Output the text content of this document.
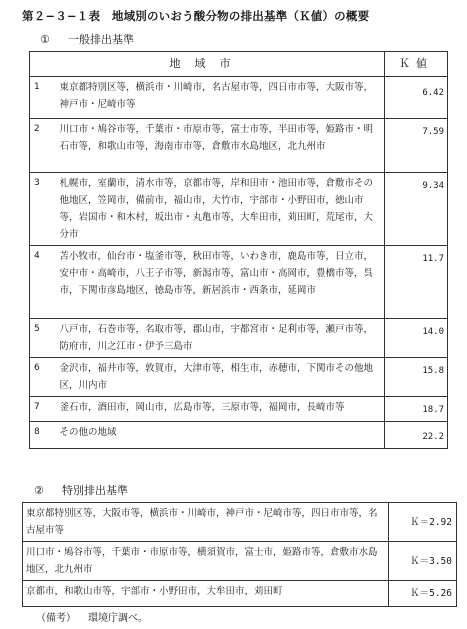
第２−３−１表　地域別のいおう酸分物の排出基準（Ｋ値）の概要
① 一般排出基準
地域市		Ｋ値
1	東京都特別区等，横浜市・川崎市，名古屋市等，四日市市等，大阪市等，神戸市・尼崎市等	6.42
2	川口市・鳩谷市等，千葉市・市原市等，富士市等，半田市等，姫路市・明石市等，和歌山市等，海南市市等，倉敷市水島地区，北九州市	7.59
3	札幌市，室蘭市，清水市等，京都市等，岸和田市・池田市等，倉敷市その他地区，笠岡市，備前市，福山市，大竹市，宇部市・小野田市，徳山市等，岩国市・和木村，坂出市・丸亀市等，大牟田市，苅田町，荒尾市，大分市	9.34
4	苫小牧市，仙台市・塩釜市等，秋田市等，いわき市，鹿島市等，日立市，安中市・高崎市，八王子市等，新潟市等，富山市・高岡市，豊橋市等，呉市，下関市彦島地区，徳島市等，新居浜市・西条市，延岡市	11.7
5	八戸市，石巻市等，名取市等，郡山市，宇都宮市・足利市等，瀬戸市等，防府市，川之江市・伊予三島市	14.0
6	金沢市，福井市等，敦賀市，大津市等，相生市，赤穂市，下関市その他地区，川内市	15.8
7	釜石市，酒田市，岡山市，広島市等，三原市等，福岡市，長崎市等	18.7
8	その他の地域	22.2
② 特別排出基準
東京都特別区等，大阪市等，横浜市・川崎市，神戸市・尼崎市等，四日市市等，名古屋市等	Ｋ＝2.92
川口市・鳩谷市等，千葉市・市原市等，横須賀市，富士市，姫路市等，倉敷市水島地区，北九州市	Ｋ＝3.50
京都市，和歌山市等，宇部市・小野田市，大牟田市，苅田町	Ｋ＝5.26
（備考） 環境庁調べ。
